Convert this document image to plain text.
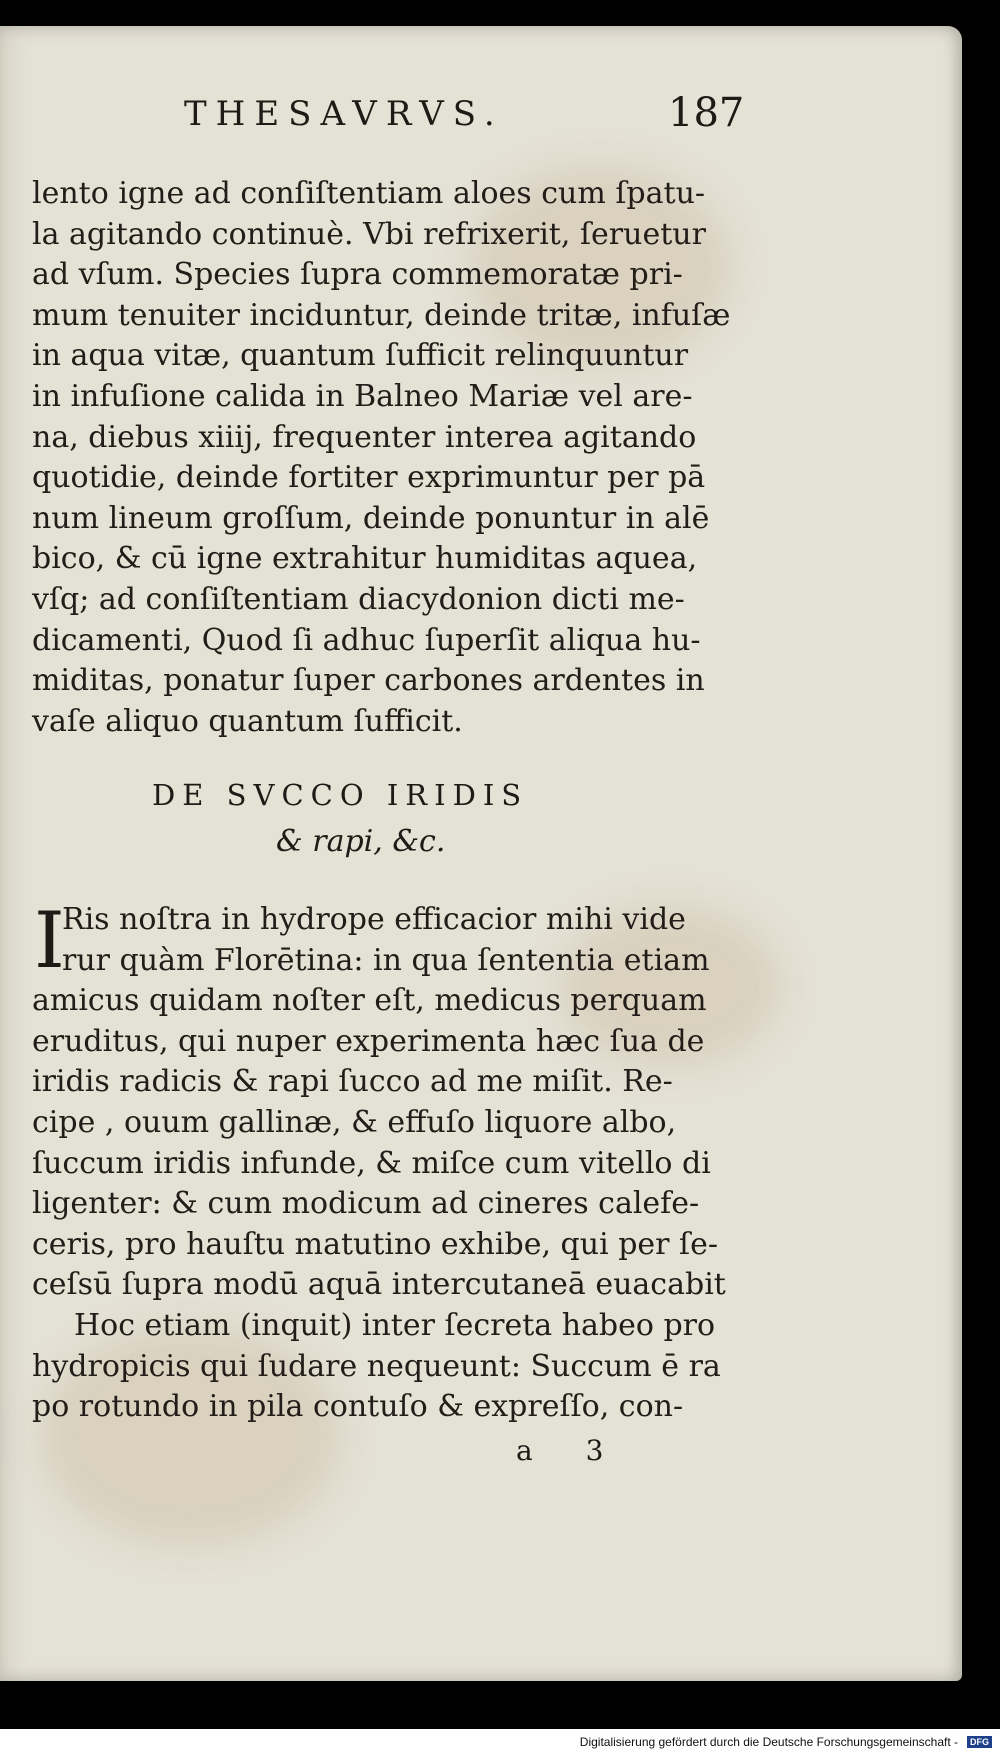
THESAVRVS.	187
lento igne ad conſiſtentiam aloes cum ſpatu-
la agitando continuè. Vbi refrixerit, ſeruetur
ad vſum. Species ſupra commemoratæ pri-
mum tenuiter inciduntur, deinde tritæ, infuſæ
in aqua vitæ, quantum ſufficit relinquuntur
in infuſione calida in Balneo Mariæ vel are-
na, diebus xiiij, frequenter interea agitando
quotidie, deinde fortiter exprimuntur per pā
num lineum groſſum, deinde ponuntur in alē
bico, & cū igne extrahitur humiditas aquea,
vſq; ad conſiſtentiam diacydonion dicti me-
dicamenti, Quod ſi adhuc ſuperſit aliqua hu-
miditas, ponatur ſuper carbones ardentes in
vaſe aliquo quantum ſufficit.
DE SVCCO IRIDIS
& rapi, &c.
I
Ris noſtra in hydrope efficacior mihi vide
rur quàm Florētina: in qua ſententia etiam
amicus quidam noſter eſt, medicus perquam
eruditus, qui nuper experimenta hæc ſua de
iridis radicis & rapi ſucco ad me miſit. Re-
cipe , ouum gallinæ, & effuſo liquore albo,
ſuccum iridis infunde, & miſce cum vitello di
ligenter: & cum modicum ad cineres calefe-
ceris, pro hauſtu matutino exhibe, qui per ſe-
ceſsū ſupra modū aquā intercutaneā euacabit
Hoc etiam (inquit) inter ſecreta habeo pro
hydropicis qui ſudare nequeunt: Succum ē ra
po rotundo in pila contuſo & expreſſo, con-
a 3
Digitalisierung gefördert durch die Deutsche Forschungsgemeinschaft -	DFG
